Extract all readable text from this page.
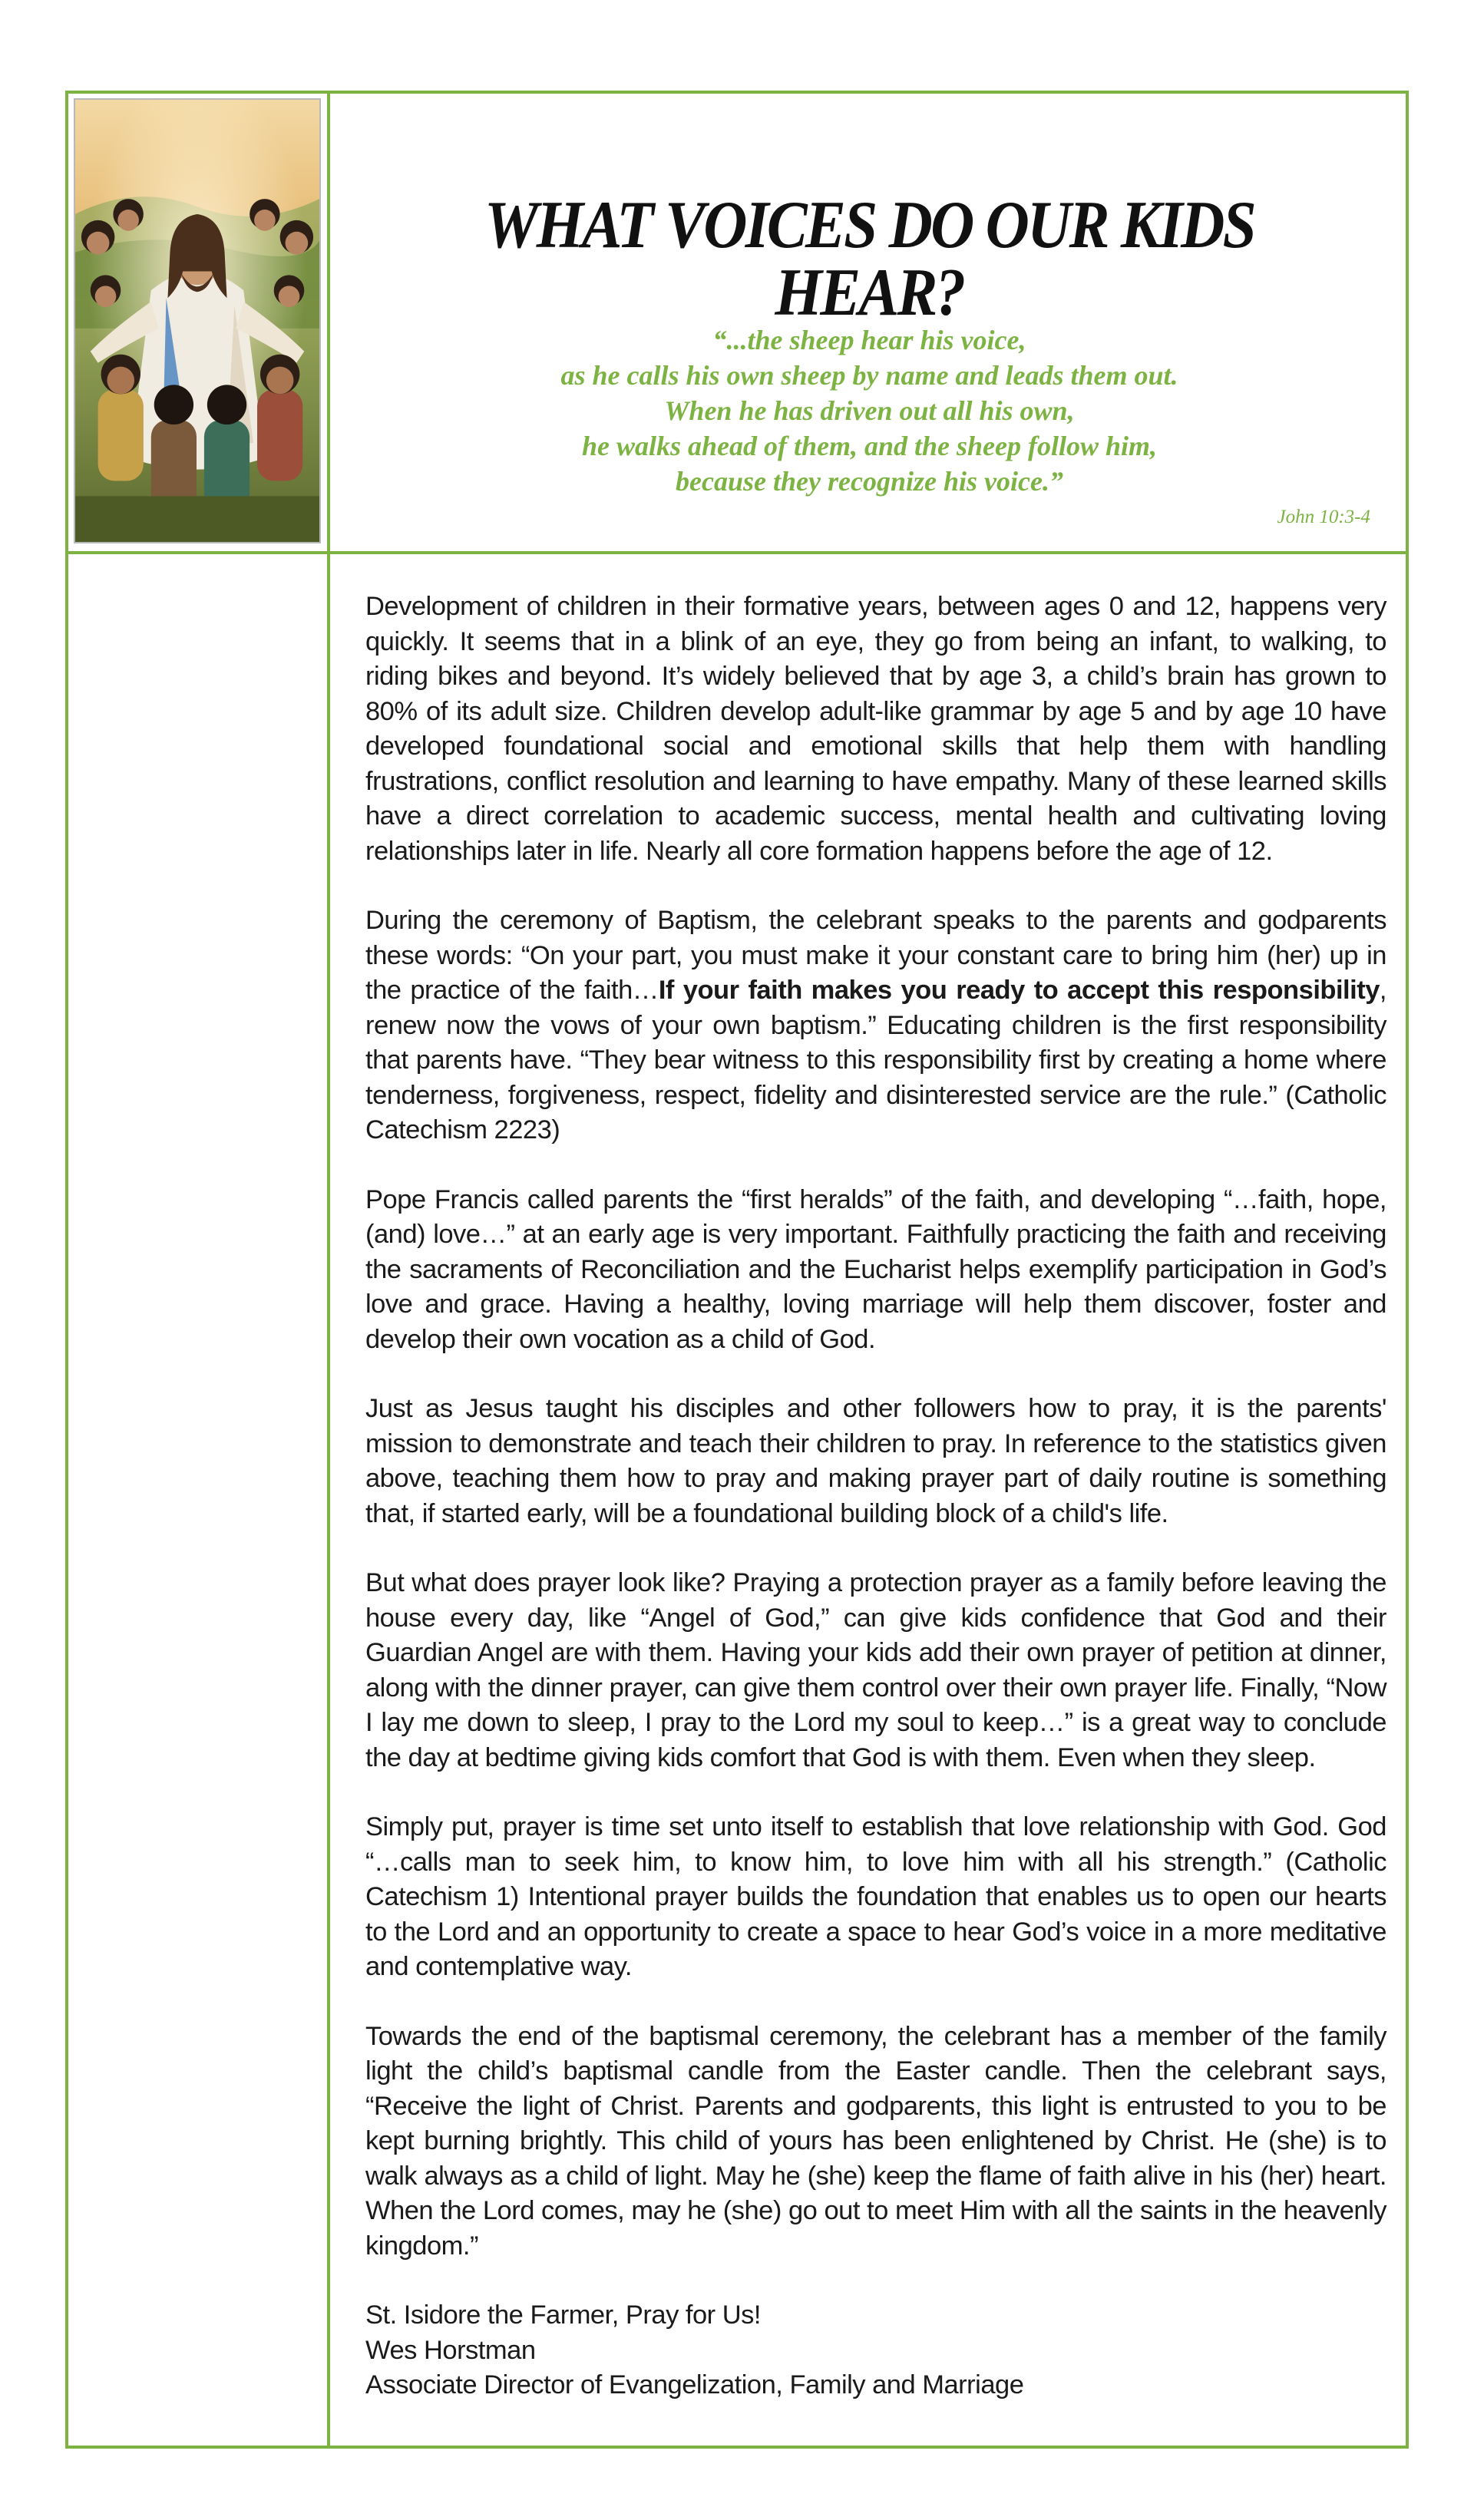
WHAT VOICES DO OUR KIDS HEAR?
“...the sheep hear his voice,
as he calls his own sheep by name and leads them out.
When he has driven out all his own,
he walks ahead of them, and the sheep follow him,
because they recognize his voice.”
John 10:3-4

Development of children in their formative years, between ages 0 and 12, happens very quickly. It seems that in a blink of an eye, they go from being an infant, to walking, to riding bikes and beyond. It’s widely believed that by age 3, a child’s brain has grown to 80% of its adult size. Children develop adult-like grammar by age 5 and by age 10 have developed foundational social and emotional skills that help them with handling frustrations, conflict resolution and learning to have empathy. Many of these learned skills have a direct correlation to academic success, mental health and cultivating loving relationships later in life. Nearly all core formation happens before the age of 12.

During the ceremony of Baptism, the celebrant speaks to the parents and godparents these words: “On your part, you must make it your constant care to bring him (her) up in the practice of the faith…If your faith makes you ready to accept this responsibility, renew now the vows of your own baptism.” Educating children is the first responsibility that parents have. “They bear witness to this responsibility first by creating a home where tenderness, forgiveness, respect, fidelity and disinterested service are the rule.” (Catholic Catechism 2223)

Pope Francis called parents the “first heralds” of the faith, and developing “…faith, hope, (and) love…” at an early age is very important. Faithfully practicing the faith and receiving the sacraments of Reconciliation and the Eucharist helps exemplify participation in God’s love and grace. Having a healthy, loving marriage will help them discover, foster and develop their own vocation as a child of God.

Just as Jesus taught his disciples and other followers how to pray, it is the parents' mission to demonstrate and teach their children to pray. In reference to the statistics given above, teaching them how to pray and making prayer part of daily routine is something that, if started early, will be a foundational building block of a child's life.

But what does prayer look like? Praying a protection prayer as a family before leaving the house every day, like “Angel of God,” can give kids confidence that God and their Guardian Angel are with them. Having your kids add their own prayer of petition at dinner, along with the dinner prayer, can give them control over their own prayer life. Finally, “Now I lay me down to sleep, I pray to the Lord my soul to keep…” is a great way to conclude the day at bedtime giving kids comfort that God is with them. Even when they sleep.

Simply put, prayer is time set unto itself to establish that love relationship with God. God “…calls man to seek him, to know him, to love him with all his strength.” (Catholic Catechism 1) Intentional prayer builds the foundation that enables us to open our hearts to the Lord and an opportunity to create a space to hear God’s voice in a more meditative and contemplative way.

Towards the end of the baptismal ceremony, the celebrant has a member of the family light the child’s baptismal candle from the Easter candle. Then the celebrant says, “Receive the light of Christ. Parents and godparents, this light is entrusted to you to be kept burning brightly. This child of yours has been enlightened by Christ. He (she) is to walk always as a child of light. May he (she) keep the flame of faith alive in his (her) heart. When the Lord comes, may he (she) go out to meet Him with all the saints in the heavenly kingdom.”

St. Isidore the Farmer, Pray for Us!
Wes Horstman
Associate Director of Evangelization, Family and Marriage
